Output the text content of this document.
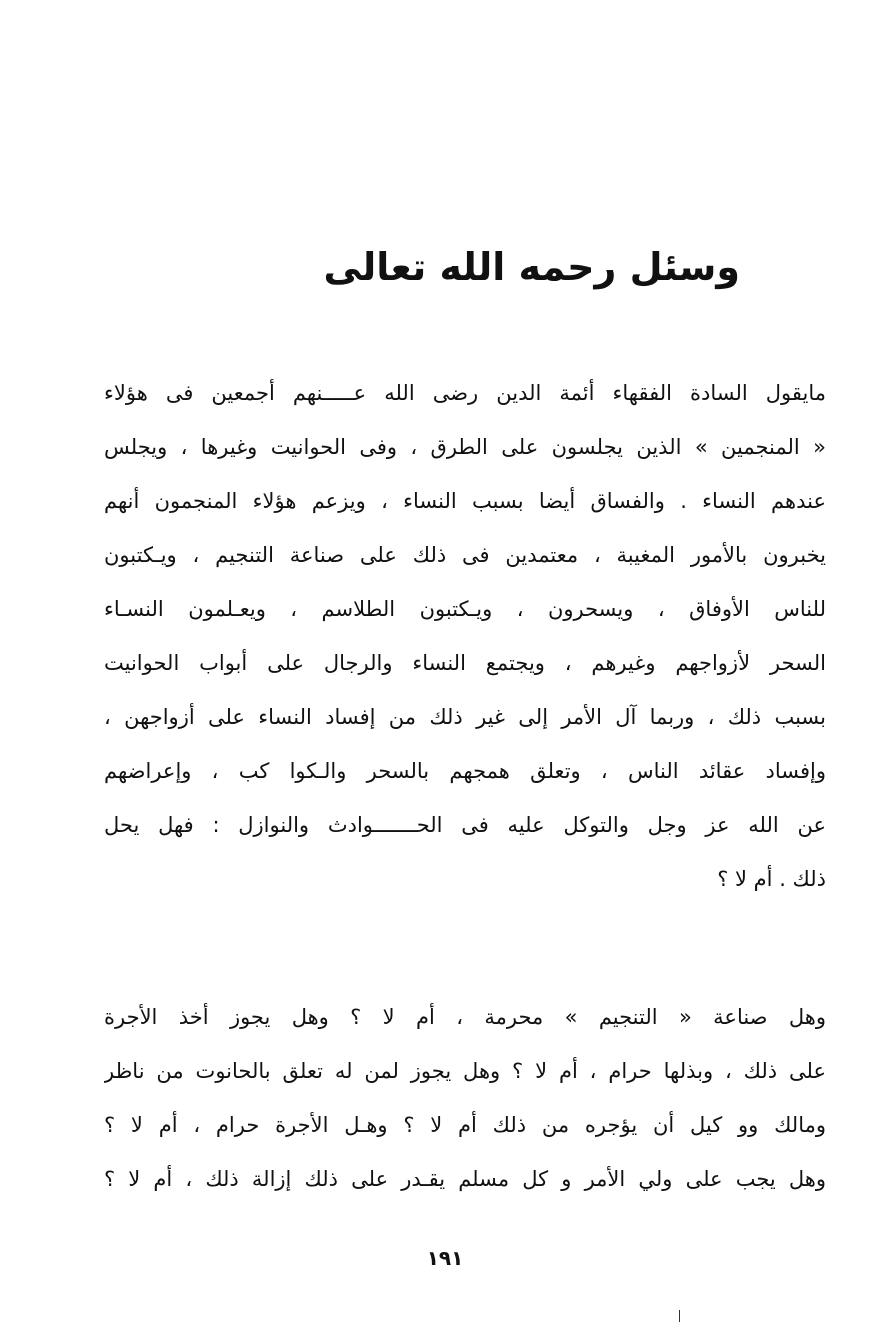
وسئل رحمه الله تعالى
مايقول السادة الفقهاء أئمة الدين رضى الله عـــــنهم أجمعين فى هؤلاء
« المنجمين » الذين يجلسون على الطرق ، وفى الحوانيت وغيرها ، ويجلس
عندهم النساء . والفساق أيضا بسبب النساء ، ويزعم هؤلاء المنجمون أنهم
يخبرون بالأمور المغيبة ، معتمدين فى ذلك على صناعة التنجيم ، ويـكتبون
للناس الأوفاق ، ويسحرون ، ويـكتبون الطلاسم ، ويعـلمون النسـاء
السحر لأزواجهم وغيرهم ، ويجتمع النساء والرجال على أبواب الحوانيت
بسبب ذلك ، وربما آل الأمر إلى غير ذلك من إفساد النساء على أزواجهن ،
وإفساد عقائد الناس ، وتعلق همجهم بالسحر والـكوا كب ، وإعراضهم
عن الله عز وجل والتوكل عليه فى الحـــــــوادث والنوازل : فهل يحل
ذلك . أم لا ؟
وهل صناعة « التنجيم » محرمة ، أم لا ؟ وهل يجوز أخذ الأجرة
على ذلك ، وبذلها حرام ، أم لا ؟ وهل يجوز لمن له تعلق بالحانوت من ناظر
ومالك وو كيل أن يؤجره من ذلك أم لا ؟ وهـل الأجرة حرام ، أم لا ؟
وهل يجب على ولي الأمر و كل مسلم يقـدر على ذلك إزالة ذلك ، أم لا ؟
١٩١
